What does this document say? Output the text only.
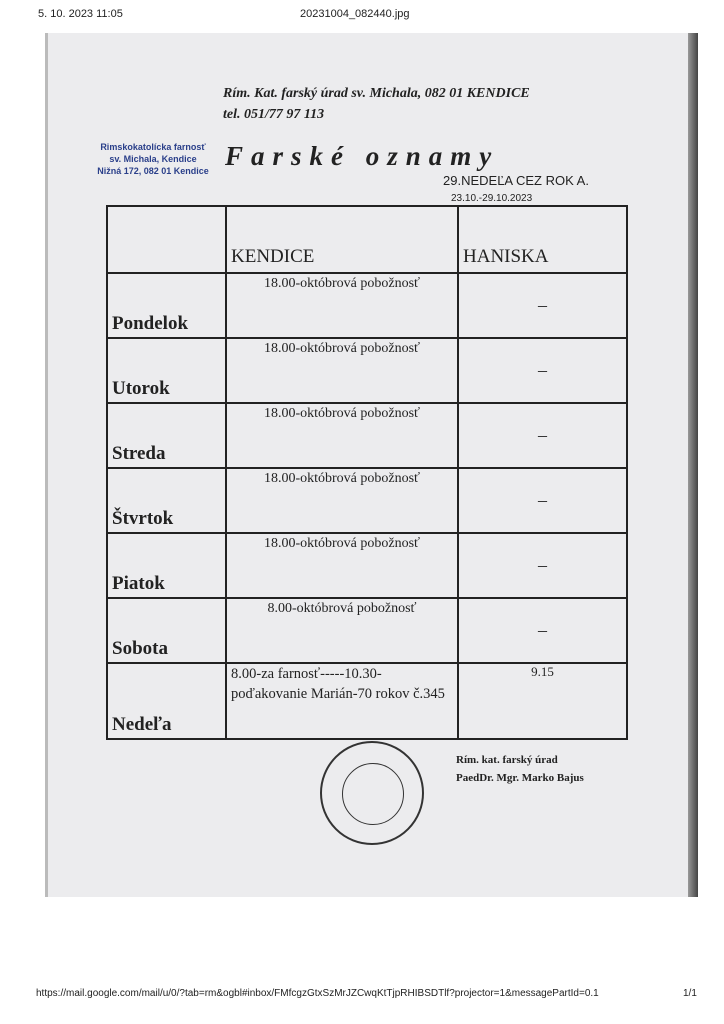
5. 10. 2023 11:05	20231004_082440.jpg
Rím. Kat. farský úrad sv. Michala, 082 01 KENDICE
tel. 051/77 97 113
Rimskokatolícka farnosť
sv. Michala, Kendice
Nižná 172, 082 01 Kendice Farské oznamy
29.NEDEĽA CEZ ROK A.
23.10.-29.10.2023
	KENDICE	HANISKA
Pondelok	18.00-októbrová pobožnosť	–
Utorok	18.00-októbrová pobožnosť	–
Streda	18.00-októbrová pobožnosť	–
Štvrtok	18.00-októbrová pobožnosť	–
Piatok	18.00-októbrová pobožnosť	–
Sobota	8.00-októbrová pobožnosť	–
Nedeľa	8.00-za farnosť-----10.30-poďakovanie Marián-70 rokov č.345	9.15
Rím. kat. farský úrad
PaedDr. Mgr. Marko Bajus
https://mail.google.com/mail/u/0/?tab=rm&ogbl#inbox/FMfcgzGtxSzMrJZCwqKtTjpRHIBSDTlf?projector=1&messagePartId=0.1	1/1
